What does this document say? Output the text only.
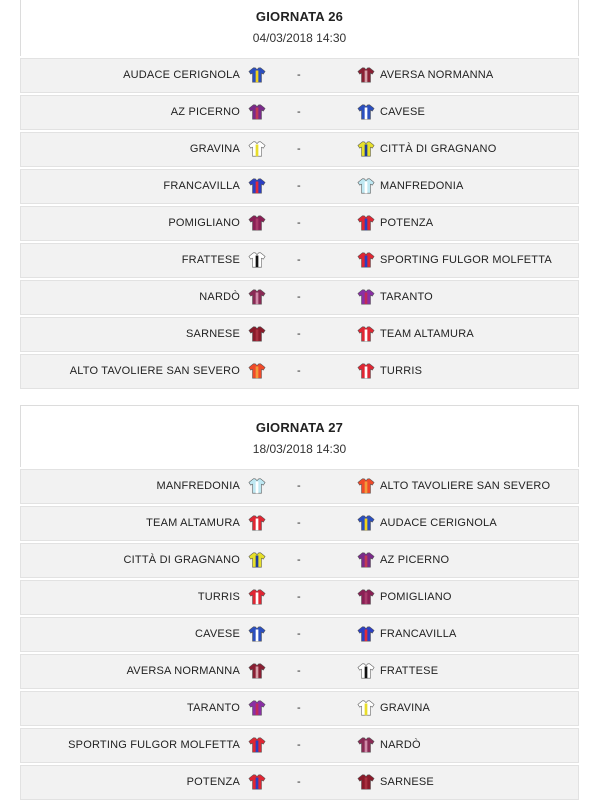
GIORNATA 26
04/03/2018 14:30
AUDACE CERIGNOLA	-	AVERSA NORMANNA
AZ PICERNO	-	CAVESE
GRAVINA	-	CITTÀ DI GRAGNANO
FRANCAVILLA	-	MANFREDONIA
POMIGLIANO	-	POTENZA
FRATTESE	-	SPORTING FULGOR MOLFETTA
NARDÒ	-	TARANTO
SARNESE	-	TEAM ALTAMURA
ALTO TAVOLIERE SAN SEVERO	-	TURRIS
GIORNATA 27
18/03/2018 14:30
MANFREDONIA	-	ALTO TAVOLIERE SAN SEVERO
TEAM ALTAMURA	-	AUDACE CERIGNOLA
CITTÀ DI GRAGNANO	-	AZ PICERNO
TURRIS	-	POMIGLIANO
CAVESE	-	FRANCAVILLA
AVERSA NORMANNA	-	FRATTESE
TARANTO	-	GRAVINA
SPORTING FULGOR MOLFETTA	-	NARDÒ
POTENZA	-	SARNESE
